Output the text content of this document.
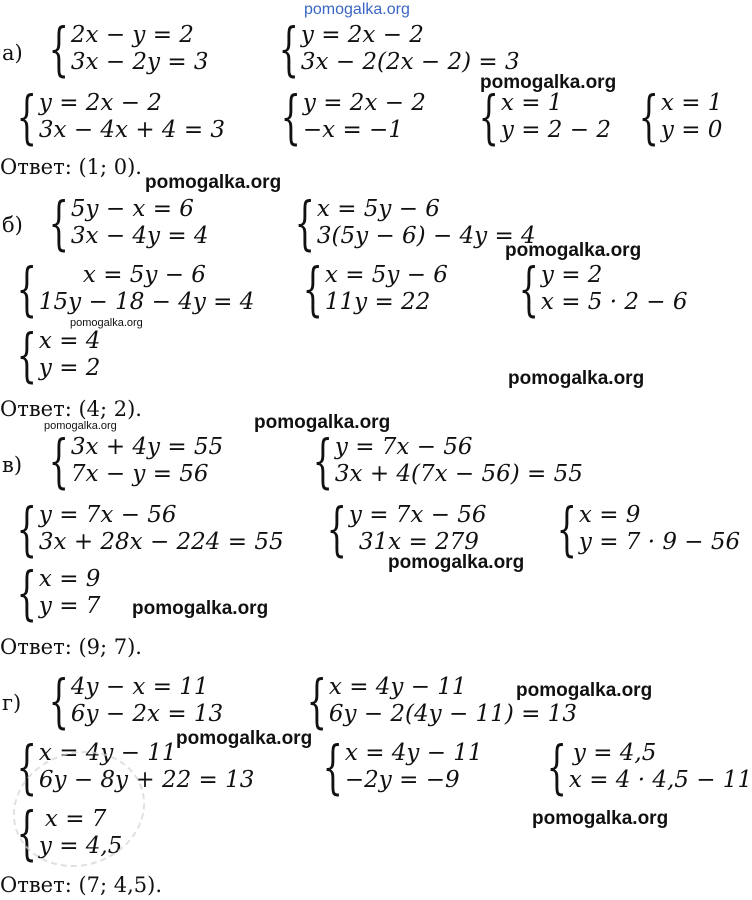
pomogalka.org
а) { 2x − y = 2
3x − 2y = 3 { y = 2x − 2
3x − 2(2x − 2) = 3
{ y = 2x − 2
3x − 4x + 4 = 3 { y = 2x − 2
−x = −1	{ x = 1
y = 2 − 2 { x = 1
y = 0
Ответ: (1; 0).
pomogalka.org
pomogalka.org
б) { 5y − x = 6
3x − 4y = 4 { x = 5y − 6
3(5y − 6) − 4y = 4
{	x = 5y − 6
15y − 18 − 4y = 4 { x = 5y − 6
11y = 22	{ y = 2
x = 5 · 2 − 6
{ x = 4
y = 2
Ответ: (4; 2).
pomogalka.org
pomogalka.org
pomogalka.org
pomogalka.org	pomogalka.org
в) { 3x + 4y = 55
7x − y = 56 { y = 7x − 56
3x + 4(7x − 56) = 55
{ y = 7x − 56
3x + 28x − 224 = 55 { y = 7x − 56
31x = 279 { x = 9
y = 7 · 9 − 56
{ x = 9
y = 7
Ответ: (9; 7).
pomogalka.org
pomogalka.org
г) { 4y − x = 11
6y − 2x = 13 { x = 4y − 11
6y − 2(4y − 11) = 13
{ x = 4y − 11
6y − 8y + 22 = 13 { x = 4y − 11
−2y = −9	{ y = 4,5
x = 4 · 4,5 − 11
{ x = 7
y = 4,5
Ответ: (7; 4,5).
pomogalka.org
pomogalka.org
pomogalka.org
